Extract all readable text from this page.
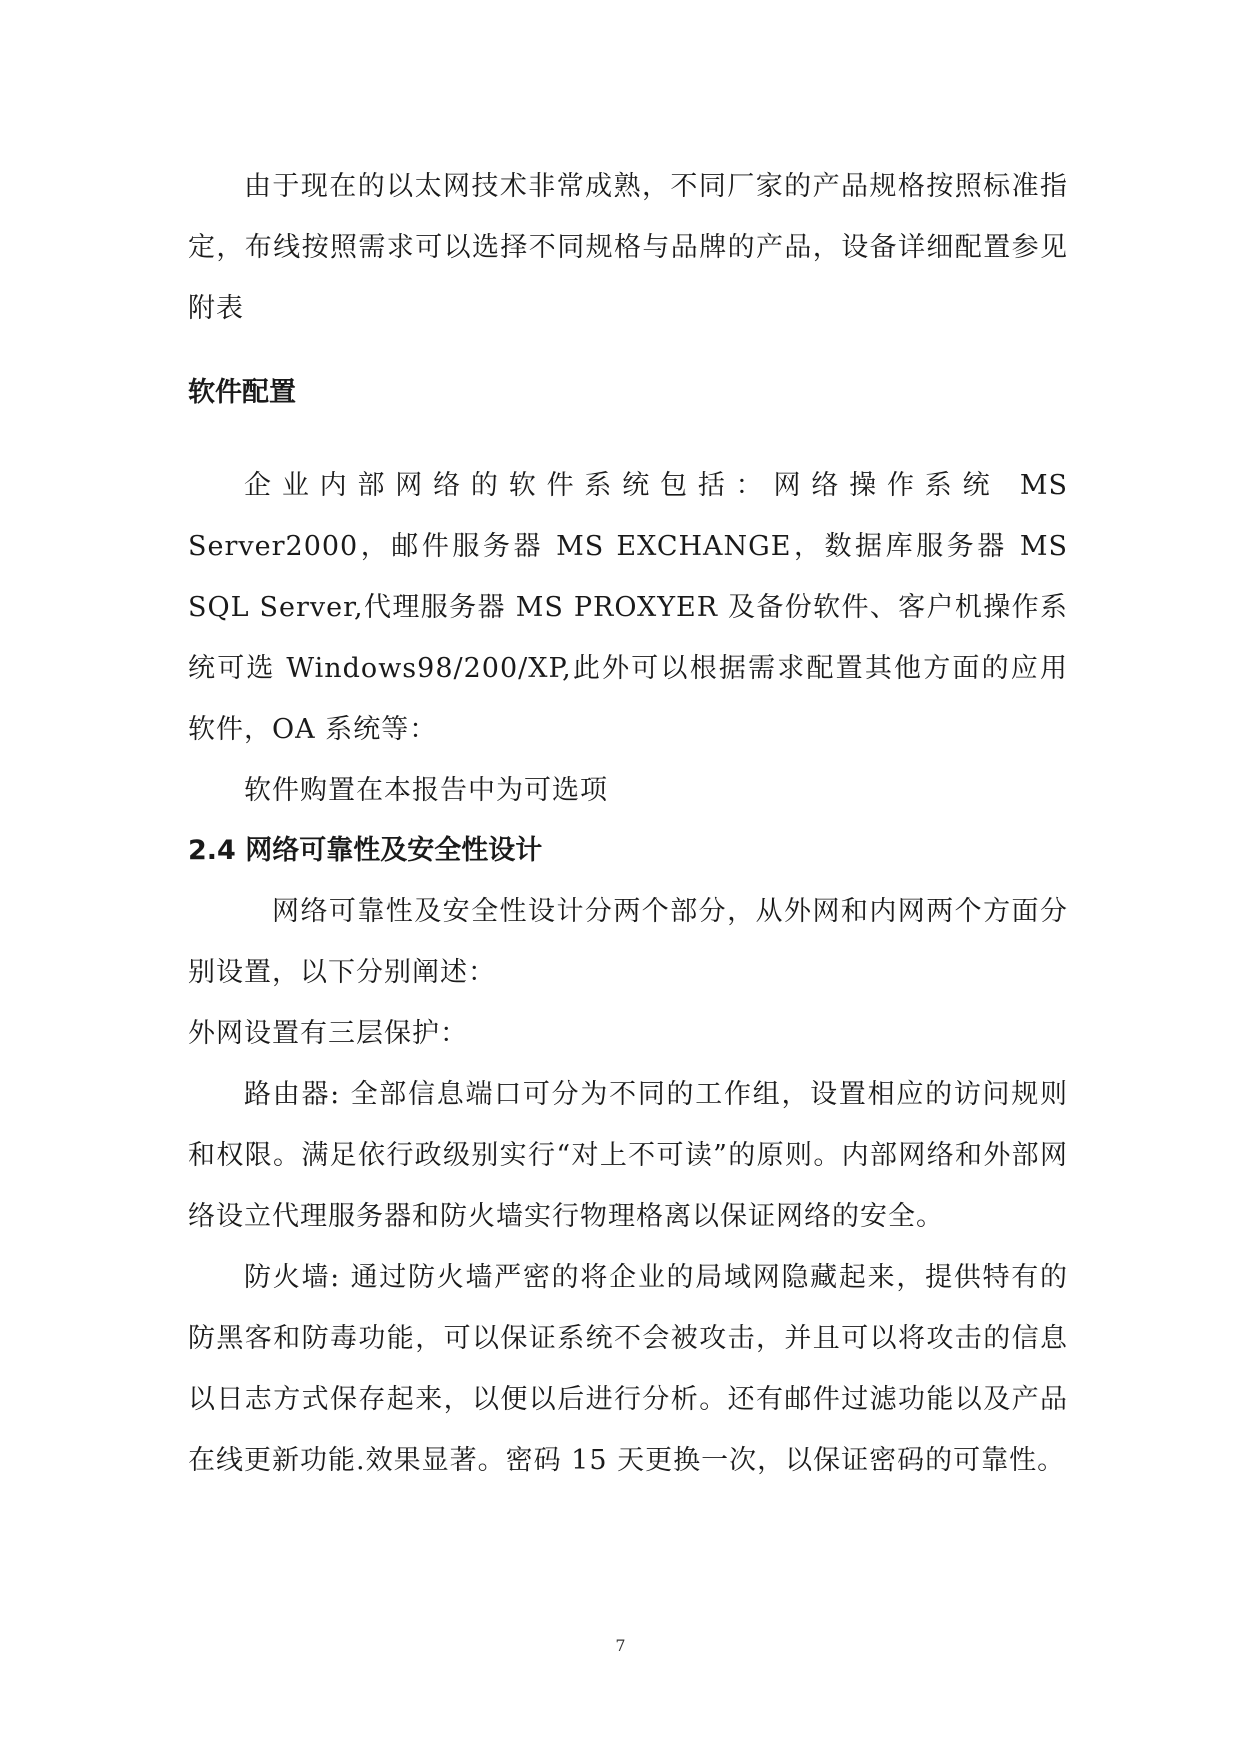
由于现在的以太网技术非常成熟，不同厂家的产品规格按照标准指定，布线按照需求可以选择不同规格与品牌的产品，设备详细配置参见附表

软件配置

企业内部网络的软件系统包括：网络操作系统 MS Server2000，邮件服务器 MS EXCHANGE，数据库服务器 MS SQL Server,代理服务器 MS PROXYER 及备份软件、客户机操作系统可选 Windows98/200/XP,此外可以根据需求配置其他方面的应用软件，OA 系统等：

软件购置在本报告中为可选项

2.4 网络可靠性及安全性设计

网络可靠性及安全性设计分两个部分，从外网和内网两个方面分别设置，以下分别阐述：

外网设置有三层保护：

路由器: 全部信息端口可分为不同的工作组，设置相应的访问规则和权限。满足依行政级别实行“对上不可读”的原则。内部网络和外部网络设立代理服务器和防火墙实行物理格离以保证网络的安全。

防火墙: 通过防火墙严密的将企业的局域网隐藏起来，提供特有的防黑客和防毒功能，可以保证系统不会被攻击，并且可以将攻击的信息以日志方式保存起来，以便以后进行分析。还有邮件过滤功能以及产品在线更新功能.效果显著。密码 15 天更换一次，以保证密码的可靠性。

7
